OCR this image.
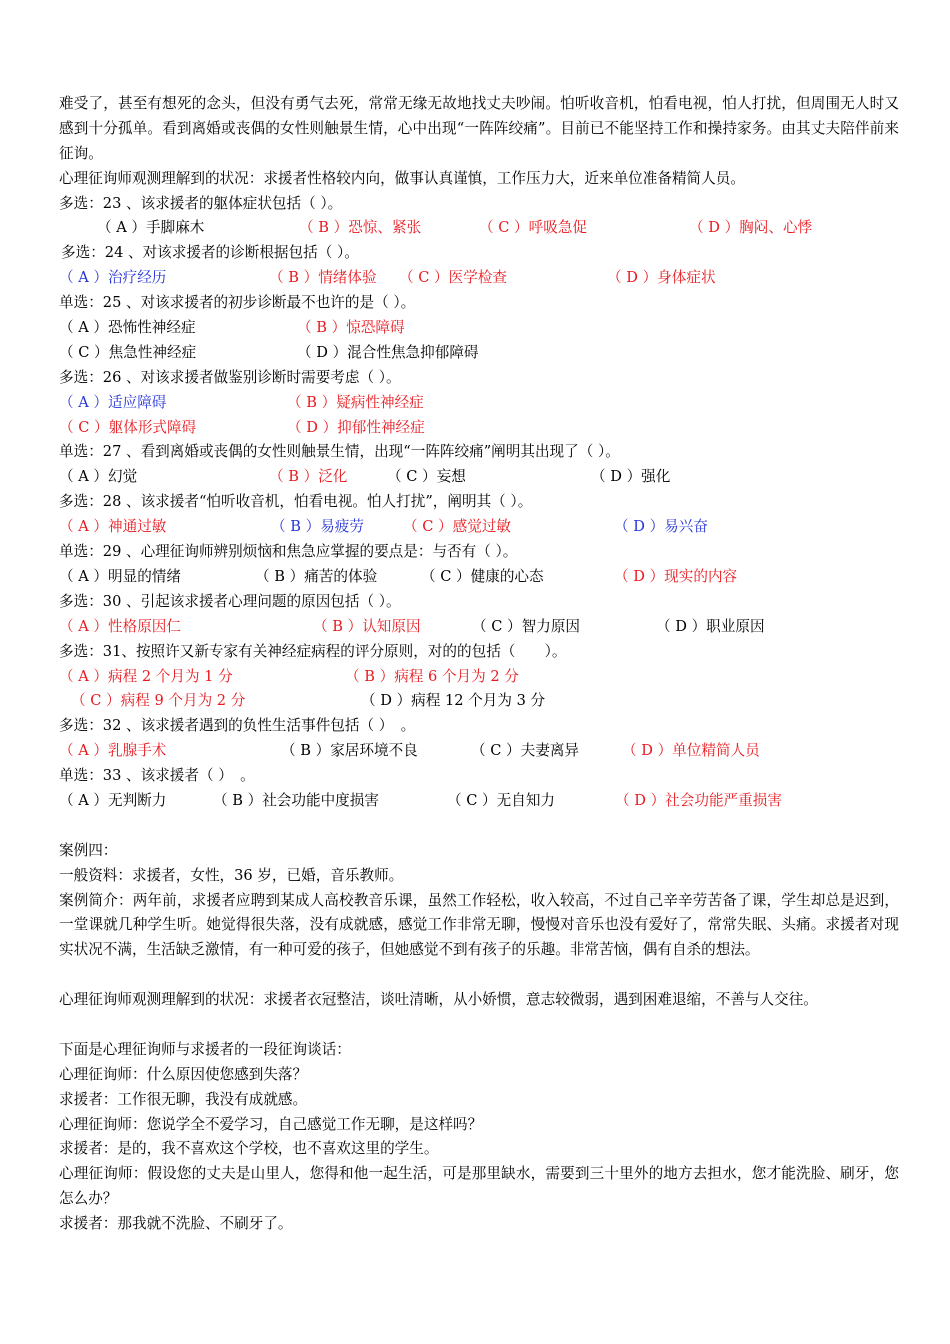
难受了，甚至有想死的念头，但没有勇气去死，常常无缘无故地找丈夫吵闹。怕听收音机，怕看电视，怕人打扰，但周围无人时又感到十分孤单。看到离婚或丧偶的女性则触景生情，心中出现“一阵阵绞痛”。目前已不能坚持工作和操持家务。由其丈夫陪伴前来征询。
心理征询师观测理解到的状况：求援者性格较内向，做事认真谨慎，工作压力大，近来单位准备精简人员。
多选：23 、该求援者的躯体症状包括（ ）。
（ A ）手脚麻木	（ B ）恐惊、紧张	（ C ）呼吸急促	（ D ）胸闷、心悸
多选：24 、对该求援者的诊断根据包括（ ）。
（ A ）治疗经历	（ B ）情绪体验 （ C ）医学检查	（ D ）身体症状
单选：25 、对该求援者的初步诊断最不也许的是（ ）。
（ A ）恐怖性神经症	（ B ）惊恐障碍
（ C ）焦急性神经症	（ D ）混合性焦急抑郁障碍
多选：26 、对该求援者做鉴别诊断时需要考虑（ ）。
（ A ）适应障碍	（ B ）疑病性神经症
（ C ）躯体形式障碍	（ D ）抑郁性神经症
单选：27 、看到离婚或丧偶的女性则触景生情，出现“一阵阵绞痛”阐明其出现了（ ）。
（ A ）幻觉	（ B ）泛化	（ C ）妄想	（ D ）强化
多选：28 、该求援者“怕听收音机，怕看电视。怕人打扰”，阐明其（ ）。
（ A ）神通过敏	（ B ）易疲劳	（ C ）感觉过敏	（ D ）易兴奋
单选：29 、心理征询师辨别烦恼和焦急应掌握的要点是：与否有（ ）。
（ A ）明显的情绪	（ B ）痛苦的体验	（ C ）健康的心态	（ D ）现实的内容
多选：30 、引起该求援者心理问题的原因包括（ ）。
（ A ）性格原因仁	（ B ）认知原因	（ C ）智力原因	（ D ）职业原因
多选：31、按照许又新专家有关神经症病程的评分原则，对的的包括（　　）。
（ A ）病程 2 个月为 1 分	（ B ）病程 6 个月为 2 分
（ C ）病程 9 个月为 2 分	（ D ）病程 12 个月为 3 分
多选：32 、该求援者遇到的负性生活事件包括（ ）　。
（ A ）乳腺手术	（ B ）家居环境不良	（ C ）夫妻离异	（ D ）单位精简人员
单选：33 、该求援者（ ）　。
（ A ）无判断力	（ B ）社会功能中度损害	（ C ）无自知力	（ D ）社会功能严重损害
案例四：
一般资料：求援者，女性，36 岁，已婚，音乐教师。
案例简介：两年前，求援者应聘到某成人高校教音乐课，虽然工作轻松，收入较高，不过自己辛辛劳苦备了课，学生却总是迟到，一堂课就几种学生听。她觉得很失落，没有成就感，感觉工作非常无聊，慢慢对音乐也没有爱好了，常常失眠、头痛。求援者对现实状况不满，生活缺乏激情，有一种可爱的孩子，但她感觉不到有孩子的乐趣。非常苦恼，偶有自杀的想法。
心理征询师观测理解到的状况：求援者衣冠整洁，谈吐清晰，从小娇惯，意志较微弱，遇到困难退缩，不善与人交往。
下面是心理征询师与求援者的一段征询谈话：
心理征询师：什么原因使您感到失落？
求援者：工作很无聊，我没有成就感。
心理征询师：您说学全不爱学习，自己感觉工作无聊，是这样吗？
求援者：是的，我不喜欢这个学校，也不喜欢这里的学生。
心理征询师：假设您的丈夫是山里人，您得和他一起生活，可是那里缺水，需要到三十里外的地方去担水，您才能洗脸、刷牙，您怎么办？
求援者：那我就不洗脸、不刷牙了。
